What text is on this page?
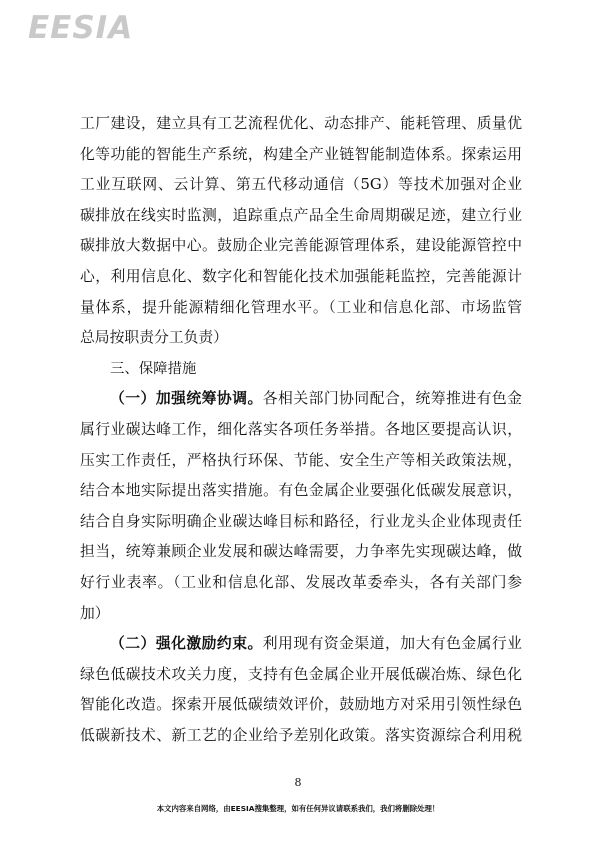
EESIA
工厂建设，建立具有工艺流程优化、动态排产、能耗管理、质量优
化等功能的智能生产系统，构建全产业链智能制造体系。探索运用
工业互联网、云计算、第五代移动通信（5G）等技术加强对企业
碳排放在线实时监测，追踪重点产品全生命周期碳足迹，建立行业
碳排放大数据中心。鼓励企业完善能源管理体系，建设能源管控中
心，利用信息化、数字化和智能化技术加强能耗监控，完善能源计
量体系，提升能源精细化管理水平。（工业和信息化部、市场监管
总局按职责分工负责）
三、保障措施
（一）加强统筹协调。各相关部门协同配合，统筹推进有色金
属行业碳达峰工作，细化落实各项任务举措。各地区要提高认识，
压实工作责任，严格执行环保、节能、安全生产等相关政策法规，
结合本地实际提出落实措施。有色金属企业要强化低碳发展意识，
结合自身实际明确企业碳达峰目标和路径，行业龙头企业体现责任
担当，统筹兼顾企业发展和碳达峰需要，力争率先实现碳达峰，做
好行业表率。（工业和信息化部、发展改革委牵头，各有关部门参
加）
（二）强化激励约束。利用现有资金渠道，加大有色金属行业
绿色低碳技术攻关力度，支持有色金属企业开展低碳冶炼、绿色化
智能化改造。探索开展低碳绩效评价，鼓励地方对采用引领性绿色
低碳新技术、新工艺的企业给予差别化政策。落实资源综合利用税
8
本文内容来自网络，由EESIA搜集整理，如有任何异议请联系我们，我们将删除处理！
